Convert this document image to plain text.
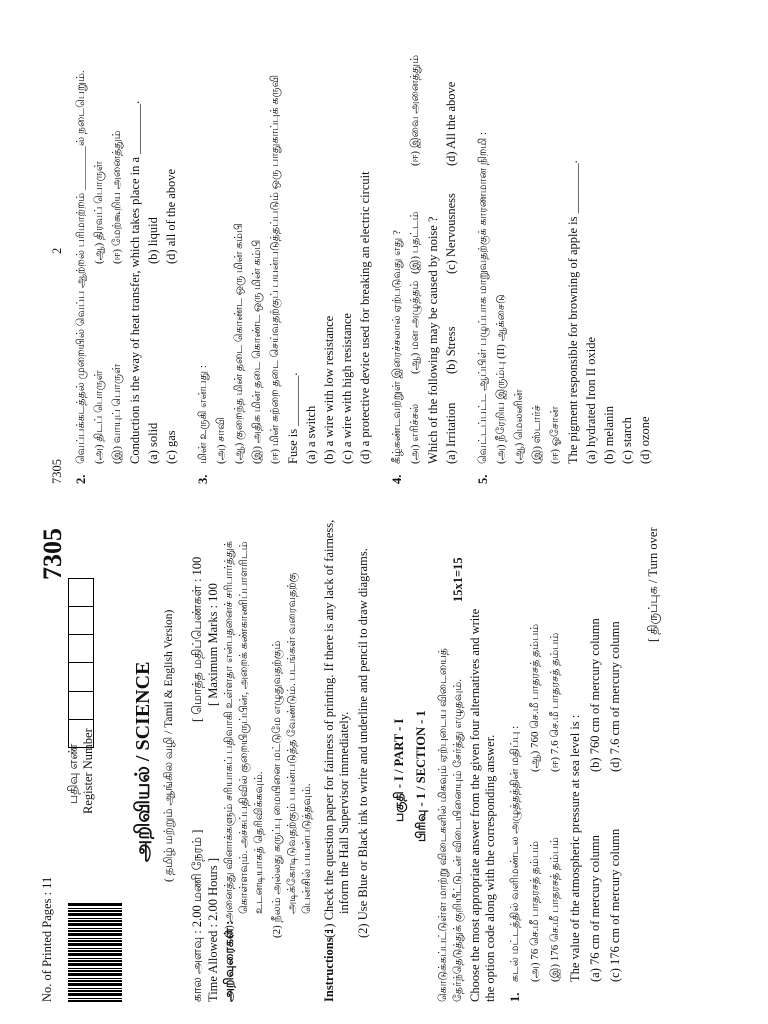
No. of Printed Pages : 11
7305
பதிவு எண் Register Number அறிவியல் / SCIENCE ( தமிழ் மற்றும் ஆங்கில வழி / Tamil & English Version)
கால அளவு : 2.00 மணி நேரம் ]
[ மொத்த மதிப்பெண்கள் : 100
Time Allowed : 2.00 Hours ]
[ Maximum Marks : 100
அறிவுரைகள் :
(1) அனைத்து வினாக்களும் சரியாகப் பதிவாகி உள்ளதா என்பதனைச் சரிபார்த்துக் கொள்ளவும். அச்சுப்பதிவில் குறையிருப்பின், அறைக் கண்காணிப்பாளரிடம் உடனடியாகத் தெரிவிக்கவும். (2) நீலம் அல்லது கருப்பு மையினை மட்டுமே எழுதுவதற்கும் அடிக்கோடிடுவதற்கும் பயன்படுத்த வேண்டும். படங்கள் வரைவதற்கு பென்சில் பயன்படுத்தவும்.
Instructions :
(1) Check the question paper for fairness of printing. If there is any lack of fairness, inform the Hall Supervisor immediately. (2) Use Blue or Black ink to write and underline and pencil to draw diagrams. பகுதி - I / PART - I பிரிவு - 1 / SECTION - 1 கொடுக்கப்பட்டுள்ள மாற்று விடைகளில் மிகவும் ஏற்புடைய விடையைத் தேர்ந்தெடுத்துக் குறியீட்டுடன் விடையினையும் சேர்த்து எழுதவும்.
15x1=15
Choose the most appropriate answer from the given four alternatives and write the option code along with the corresponding answer. 1.
கடல் மட்டத்தில் வளிமண்டல அழுத்தத்தின் மதிப்பு : (அ) 76 செ.மீ பாதரசத் தம்பம்
(ஆ) 760 செ.மீ பாதரசத் தம்பம்
(இ) 176 செ.மீ பாதரசத் தம்பம்
(ஈ) 7.6 செ.மீ பாதரசத் தம்பம்
The value of the atmospheric pressure at sea level is : (a) 76 cm of mercury column
(b) 760 cm of mercury column
(c) 176 cm of mercury column
(d) 7.6 cm of mercury column
[ திருப்புக / Turn over
7305
2
2.
வெப்பக்கடத்தல் முறையில் வெப்ப ஆற்றல் பரிமாற்றம் ________ல் நடைபெறும். (அ) திடப் பொருள்
(ஆ) திரவப் பொருள்
(இ) வாயுப் பொருள்
(ஈ) மேற்கூறிய அனைத்தும் Conduction is the way of heat transfer, which takes place in a ________. (a) solid
(b) liquid
(c) gas
(d) all of the above
3.
மின் உருகி என்பது : (அ) சாவி (ஆ) குறைந்த மின் தடை கொண்ட ஒரு மின் கம்பி (இ) அதிக மின் தடை கொண்ட ஒரு மின் கம்பி (ஈ) மின் சுற்றை தடை செய்வதற்குப் பயன்படுத்தப்படும் ஒரு பாதுகாப்புக் கருவி Fuse is ________. (a) a switch (b) a wire with low resistance (c) a wire with high resistance (d) a protective device used for breaking an electric circuit
4.
கீழ்கண்டவற்றுள் இரைச்சலால் ஏற்படுவது எது ? (அ) எரிச்சல்
(ஆ) மன அழுத்தம்
(இ) பதட்டம்
(ஈ) இவை அனைத்தும்
Which of the following may be caused by noise ? (a) Irritation
(b) Stress
(c) Nervousness
(d) All the above
5.
வெட்டப்பட்ட ஆப்பிள் பழுப்பாக மாறுவதற்குக் காரணமான நிறமி : (அ) நீரேறிய இரும்பு (II) ஆக்சைடு (ஆ) மெலனின் (இ) ஸ்டார்ச் (ஈ) ஓசோன் The pigment responsible for browning of apple is ________. (a) hydrated Iron II oxide (b) melanin (c) starch (d) ozone
